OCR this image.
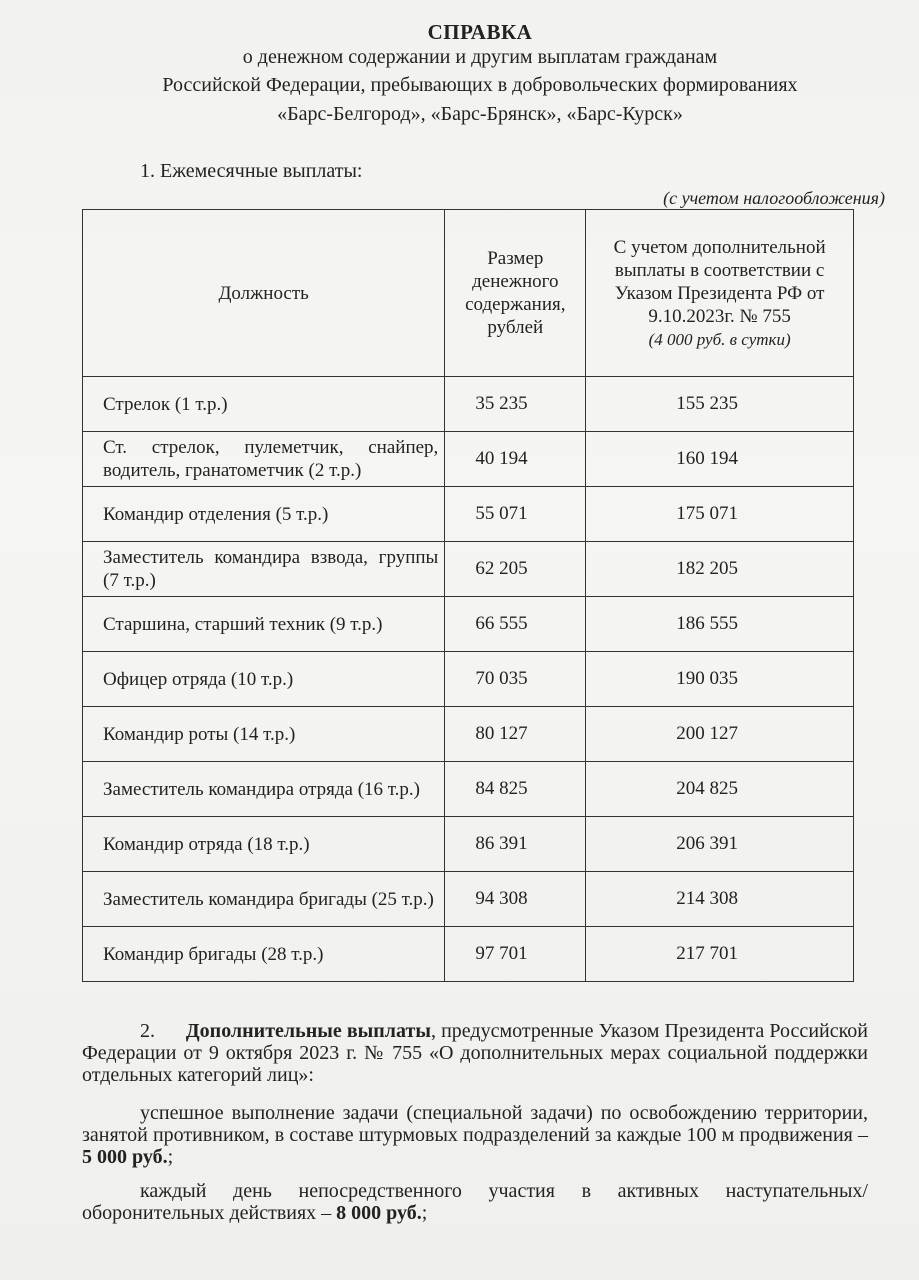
СПРАВКА
о денежном содержании и другим выплатам гражданам
Российской Федерации, пребывающих в добровольческих формированиях
«Барс-Белгород», «Барс-Брянск», «Барс-Курск»
1. Ежемесячные выплаты:
(с учетом налогообложения)
Должность	Размер денежного содержания, рублей	С учетом дополнительной выплаты в соответствии с Указом Президента РФ от 9.10.2023г. № 755
(4 000 руб. в сутки)

Стрелок (1 т.р.)	35 235	155 235
Ст. стрелок, пулеметчик, снайпер, водитель, гранатометчик (2 т.р.)	40 194	160 194
Командир отделения (5 т.р.)	55 071	175 071
Заместитель командира взвода, группы (7 т.р.)	62 205	182 205
Старшина, старший техник (9 т.р.)	66 555	186 555
Офицер отряда (10 т.р.)	70 035	190 035
Командир роты (14 т.р.)	80 127	200 127
Заместитель командира отряда (16 т.р.)	84 825	204 825
Командир отряда (18 т.р.)	86 391	206 391
Заместитель командира бригады (25 т.р.)	94 308	214 308
Командир бригады (28 т.р.)	97 701	217 701
2. Дополнительные выплаты, предусмотренные Указом Президента Российской Федерации от 9 октября 2023 г. № 755 «О дополнительных мерах социальной поддержки отдельных категорий лиц»:
успешное выполнение задачи (специальной задачи) по освобождению территории, занятой противником, в составе штурмовых подразделений за каждые 100 м продвижения – 5 000 руб.;
каждый день непосредственного участия в активных наступательных/оборонительных действиях – 8 000 руб.;
